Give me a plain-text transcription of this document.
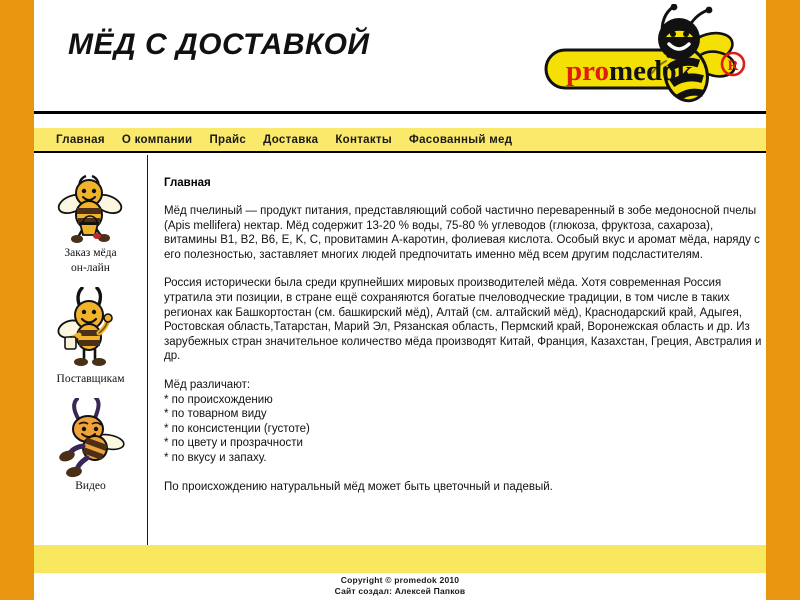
МЁД С ДОСТАВКОЙ
R
promedok
Главная О компании Прайс Доставка Контакты Фасованный мед
Заказ мёда
он-лайн
Поставщикам
Видео
Главная

Мёд пчелиный — продукт питания, представляющий собой частично переваренный в зобе медоносной пчелы (Apis mellifera) нектар. Мёд содержит 13-20 % воды, 75-80 % углеводов (глюкоза, фруктоза, сахароза), витамины B1, B2, B6, E, K, C, провитамин A-каротин, фолиевая кислота. Особый вкус и аромат мёда, наряду с его полезностью, заставляет многих людей предпочитать именно мёд всем другим подсластителям.

Россия исторически была среди крупнейших мировых производителей мёда. Хотя современная Россия утратила эти позиции, в стране ещё сохраняются богатые пчеловодческие традиции, в том числе в таких регионах как Башкортостан (см. башкирский мёд), Алтай (см. алтайский мёд), Краснодарский край, Адыгея, Ростовская область,Татарстан, Марий Эл, Рязанская область, Пермский край, Воронежская область и др. Из зарубежных стран значительное количество мёда производят Китай, Франция, Казахстан, Греция, Австралия и др.

Мёд различают:

* по происхождению
* по товарном виду
* по консистенции (густоте)
* по цвету и прозрачности
* по вкусу и запаху.

По происхождению натуральный мёд может быть цветочный и падевый.

Copyright © promedok 2010
Сайт создал: Алексей Папков
